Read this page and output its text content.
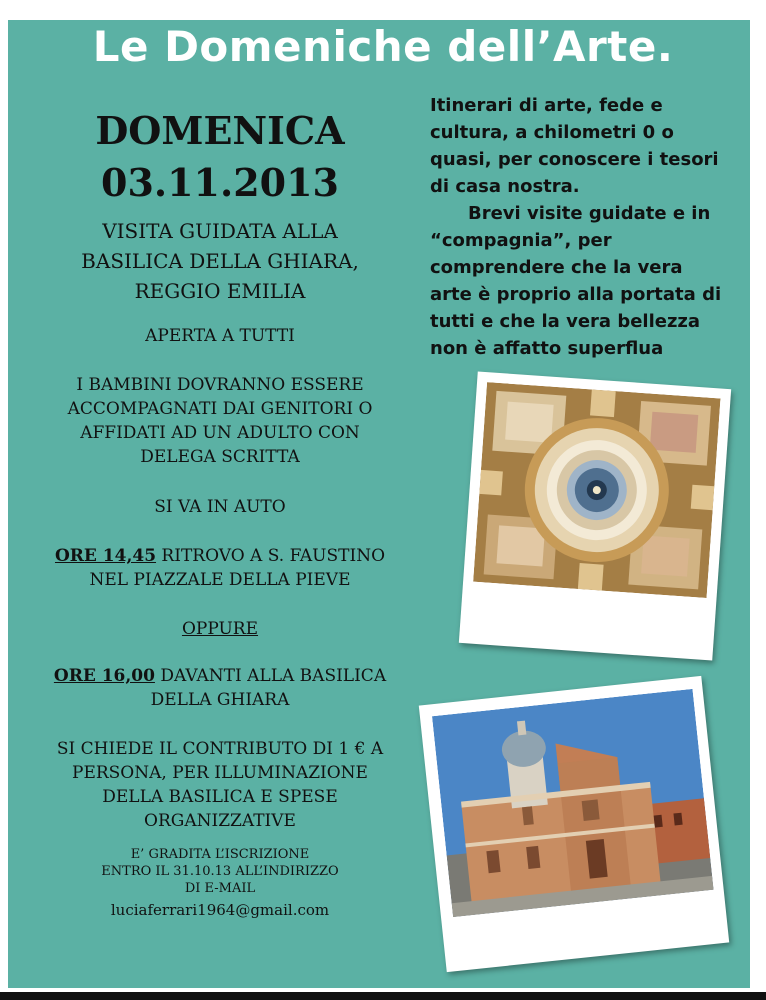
Le Domeniche dell’Arte.
DOMENICA
03.11.2013
VISITA GUIDATA ALLA
BASILICA DELLA GHIARA,
REGGIO EMILIA
APERTA A TUTTI
I BAMBINI DOVRANNO ESSERE
ACCOMPAGNATI DAI GENITORI O
AFFIDATI AD UN ADULTO CON
DELEGA SCRITTA
SI VA IN AUTO
ORE 14,45 RITROVO A S. FAUSTINO
NEL PIAZZALE DELLA PIEVE
OPPURE
ORE 16,00 DAVANTI ALLA BASILICA
DELLA GHIARA
SI CHIEDE IL CONTRIBUTO DI 1 € A
PERSONA, PER ILLUMINAZIONE
DELLA BASILICA E SPESE
ORGANIZZATIVE
E’ GRADITA L’ISCRIZIONE
ENTRO IL 31.10.13 ALL’INDIRIZZO
DI E-MAIL
luciaferrari1964@gmail.com
Itinerari di arte, fede e
cultura, a chilometri 0 o
quasi, per conoscere i tesori
di casa nostra.
Brevi visite guidate e in
“compagnia”, per
comprendere che la vera
arte è proprio alla portata di
tutti e che la vera bellezza
non è affatto superflua
